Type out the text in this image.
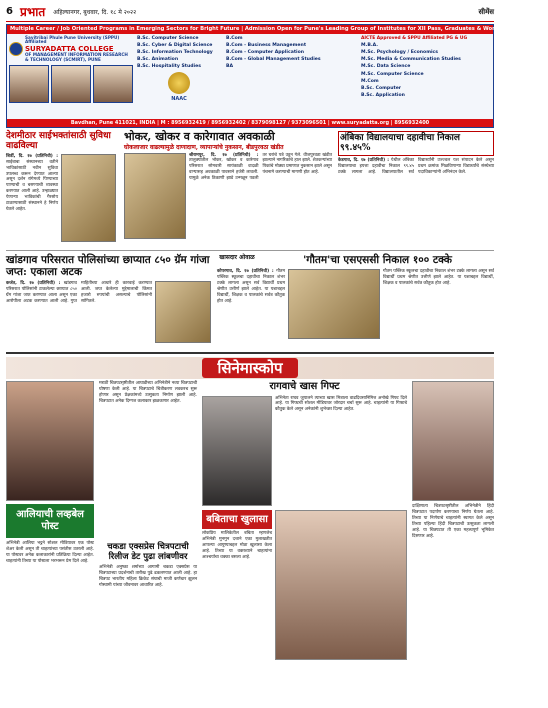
6 प्रभात अहिल्यानगर, बुधवार, दि. १८ मे २०२२	सीमेंस
Multiple Career / Job Oriented Programs in Emerging Sectors for Bright Future | Admission Open for Pune's Leading Group of Institutes for XII Pass, Graduates & Working Professionals
Savitribai Phule Pune University (SPPU) Affiliated
SURYADATTA COLLEGE
OF MANAGEMENT INFORMATION RESEARCH & TECHNOLOGY (SCMIRT), PUNE
B.Sc. Computer Science
B.Sc. Cyber & Digital Science
B.Sc. Information Technology
B.Sc. Animation
B.Sc. Hospitality Studies
NAAC
B.Com
B.Com - Business Management
B.Com - Computer Application
B.Com - Global Management Studies
BA
AICTE Approved & SPPU Affiliated PG & UG
M.B.A.
M.Sc. Psychology / Economics
M.Sc. Media & Communication Studies
M.Sc. Data Science
M.Sc. Computer Science
M.Com
B.Sc. Computer
B.Sc. Application
Bavdhan, Pune 411021, INDIA | M : 8956932419 / 8956932402 / 8379098127 / 9373096501 | www.suryadatta.org | 8956932400
देशमीठार साईभक्तांसाठी सुविधा वाढविल्या
शिर्डी, दि. १७ (प्रतिनिधी) : साईबाबा संस्थानच्या वतीने भाविकांसाठी नवीन सुविधा उपलब्ध करून देण्यात आल्या असून दर्शन रांगेमध्ये पिण्याच्या पाण्याची व बसण्याची व्यवस्था करण्यात आली आहे. उन्हाळ्यात येणाऱ्या भाविकांची गैरसोय टाळण्यासाठी संस्थानने हे निर्णय घेतले आहेत.
भोकर, खोकर व कारेगावात अवकाळी
घोकलाजार वाढल्यामुळे दाणादाण, व्यापाऱ्यांचे नुकसान, बीडपुरवठा खंडीत
श्रीरामपूर, दि. १७ (प्रतिनिधी) : तालुक्यातील भोकर, खोकर व कारेगाव परिसरात सोमवारी सायंकाळी वादळी वाऱ्यासह अवकाळी पावसाने हजेरी लावली. यामुळे अनेक ठिकाणी झाडे उन्मळून पडली तर घरांचे पत्रे उडून गेले. वीजपुरवठा खंडीत झाल्याने नागरिकांचे हाल झाले. शेतकऱ्यांच्या पिकांचे मोठ्या प्रमाणात नुकसान झाले असून पंचनामे करण्याची मागणी होत आहे.
अंबिका विद्यालयाचा दहावीचा निकाल ९९.४५%
केडगाव, दि. १७ (प्रतिनिधी) : येथील अंबिका विद्यालयाचा इयत्ता दहावीचा निकाल ९९.४५ टक्के लागला आहे. विद्यालयातील सर्व विद्यार्थ्यांनी उज्ज्वल यश संपादन केले असून प्रथम क्रमांक मिळविणाऱ्या विद्यार्थ्यांचे संस्थेच्या पदाधिकाऱ्यांनी अभिनंदन केले.
खांडगाव परिसरात पोलिसांच्या छाप्यात ८५० ग्रॅम गांजा जप्त: एकाला अटक
कर्जत, दि. १७ (प्रतिनिधी) : खांडगाव परिसरात पोलिसांनी टाकलेल्या छाप्यात ८५० ग्रॅम गांजा जप्त करण्यात आला असून एका आरोपीला अटक करण्यात आली आहे. गुप्त माहितीच्या आधारे ही कारवाई करण्यात आली. जप्त केलेल्या मुद्देमालाची किंमत हजारो रुपयांची असल्याचे पोलिसांनी सांगितले.
खासदार ओवाळ	'गौतम'चा एसएससी निकाल १०० टक्के
कोपरगाव, दि. १७ (प्रतिनिधी) : गौतम पब्लिक स्कूलचा दहावीचा निकाल शंभर टक्के लागला असून सर्व विद्यार्थी प्रथम श्रेणीत उत्तीर्ण झाले आहेत. या यशाबद्दल विद्यार्थी, शिक्षक व पालकांचे सर्वत्र कौतुक होत आहे.
गौतम पब्लिक स्कूलचा दहावीचा निकाल शंभर टक्के लागला असून सर्व विद्यार्थी प्रथम श्रेणीत उत्तीर्ण झाले आहेत. या यशाबद्दल विद्यार्थी, शिक्षक व पालकांचे सर्वत्र कौतुक होत आहे.
सिनेमास्कोप
आलियाची लव्हबेल पोस्ट
अभिनेत्री आलिया भट्टने सोशल मीडियावर एक पोस्ट शेअर केली असून ती चाहत्यांच्या पसंतीस उतरली आहे. या पोस्टवर अनेक कलाकारांनी प्रतिक्रिया दिल्या आहेत. चाहत्यांनी तिच्या या पोस्टला भरभरून प्रेम दिले आहे.
मराठी चित्रपटसृष्टीतील आघाडीच्या अभिनेत्रीने नव्या चित्रपटाची घोषणा केली आहे. या चित्रपटाचे चित्रीकरण लवकरच सुरू होणार असून प्रेक्षकांमध्ये उत्सुकता निर्माण झाली आहे. चित्रपटात अनेक दिग्गज कलाकार झळकणार आहेत.
चकडा एक्सप्रेस चित्रपटाची रिलीज डेट पुढा लांबणीवर
अभिनेत्री अनुष्का शर्माच्या आगामी चकडा एक्सप्रेस या चित्रपटाच्या प्रदर्शनाची तारीख पुढे ढकलण्यात आली आहे. हा चित्रपट भारतीय महिला क्रिकेट संघाची माजी कर्णधार झुलन गोस्वामी यांच्या जीवनावर आधारित आहे.
रागवाचे खास गिफ्ट
अभिनेता राघव जुयालने त्याच्या खास मित्राला वाढदिवसानिमित्त अनोखे गिफ्ट दिले आहे. या गिफ्टची सोशल मीडियावर जोरदार चर्चा सुरू आहे. चाहत्यांनी या गिफ्टचे कौतुक केले असून अनेकांनी शुभेच्छा दिल्या आहेत.
बबिताचा खुलासा
लोकप्रिय मालिकेतील बबिता म्हणजेच अभिनेत्री मुनमुन दत्ताने एका मुलाखतीत आपल्या आयुष्याबद्दल मोठा खुलासा केला आहे. तिच्या या वक्तव्याने चाहत्यांना आश्चर्याचा धक्का बसला आहे.
दाक्षिणात्य चित्रपटसृष्टीतील अभिनेत्रीने हिंदी चित्रपटात पदार्पण करण्याचा निर्णय घेतला आहे. तिच्या या निर्णयाचे चाहत्यांनी स्वागत केले असून तिच्या पहिल्या हिंदी चित्रपटाची उत्सुकता लागली आहे. या चित्रपटात ती एका महत्त्वपूर्ण भूमिकेत दिसणार आहे.
